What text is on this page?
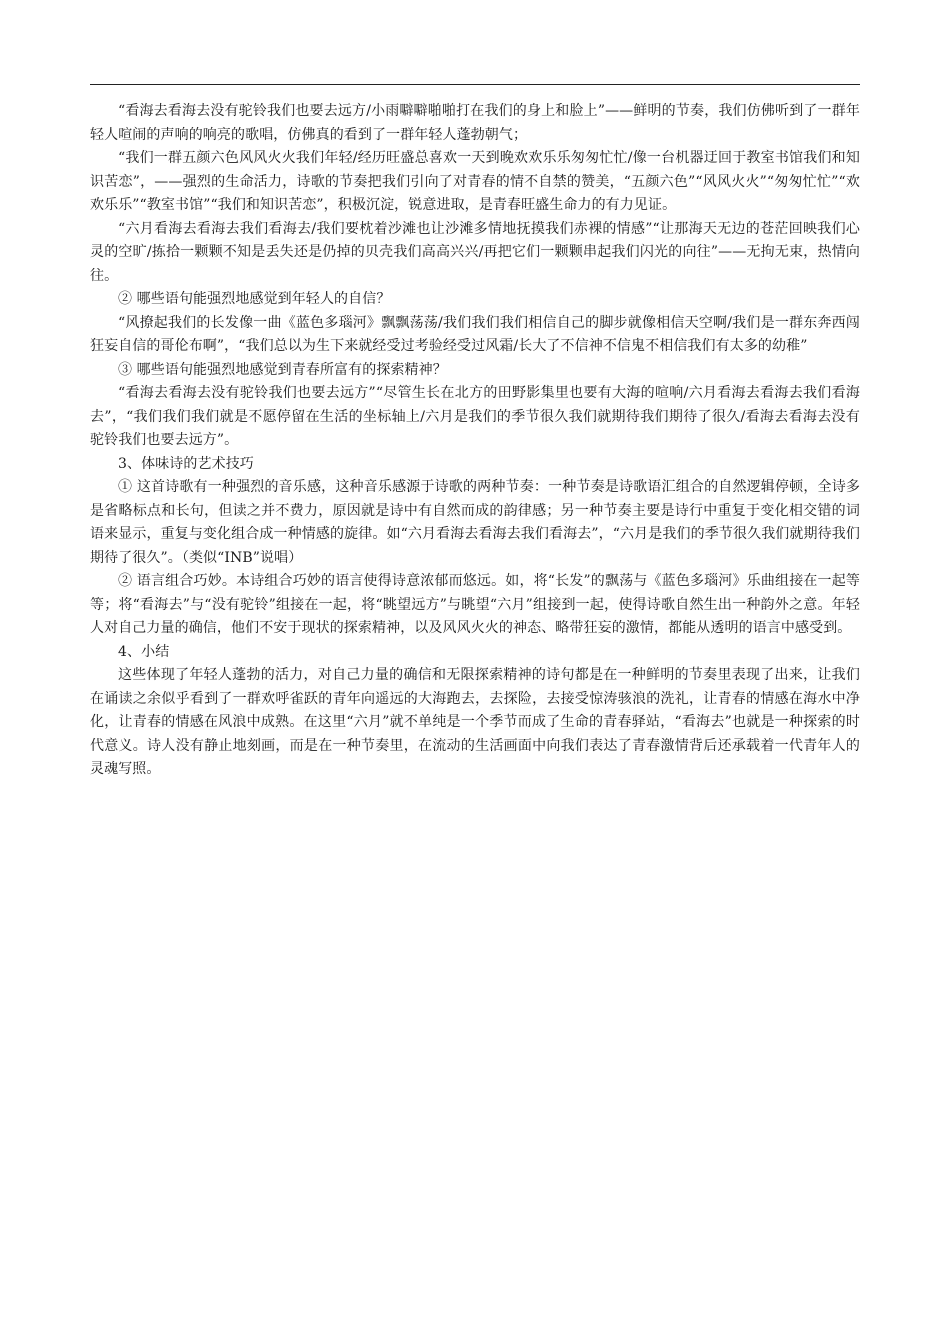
“看海去看海去没有驼铃我们也要去远方/小雨噼噼啪啪打在我们的身上和脸上”——鲜明的节奏，我们仿佛听到了一群年轻人喧闹的声响的响亮的歌唱，仿佛真的看到了一群年轻人蓬勃朝气；

“我们一群五颜六色风风火火我们年轻/经历旺盛总喜欢一天到晚欢欢乐乐匆匆忙忙/像一台机器迂回于教室书馆我们和知识苦恋”，——强烈的生命活力，诗歌的节奏把我们引向了对青春的情不自禁的赞美，“五颜六色”“风风火火”“匆匆忙忙”“欢欢乐乐”“教室书馆”“我们和知识苦恋”，积极沉淀，锐意进取，是青春旺盛生命力的有力见证。

“六月看海去看海去我们看海去/我们要枕着沙滩也让沙滩多情地抚摸我们赤裸的情感”“让那海天无边的苍茫回映我们心灵的空旷/拣拾一颗颗不知是丢失还是仍掉的贝壳我们高高兴兴/再把它们一颗颗串起我们闪光的向往”——无拘无束，热情向往。

② 哪些语句能强烈地感觉到年轻人的自信？

“风撩起我们的长发像一曲《蓝色多瑙河》飘飘荡荡/我们我们我们相信自己的脚步就像相信天空啊/我们是一群东奔西闯狂妄自信的哥伦布啊”，“我们总以为生下来就经受过考验经受过风霜/长大了不信神不信鬼不相信我们有太多的幼稚”

③ 哪些语句能强烈地感觉到青春所富有的探索精神？

“看海去看海去没有驼铃我们也要去远方”“尽管生长在北方的田野影集里也要有大海的喧响/六月看海去看海去我们看海去”，“我们我们我们就是不愿停留在生活的坐标轴上/六月是我们的季节很久我们就期待我们期待了很久/看海去看海去没有驼铃我们也要去远方”。

3、体味诗的艺术技巧

① 这首诗歌有一种强烈的音乐感，这种音乐感源于诗歌的两种节奏：一种节奏是诗歌语汇组合的自然逻辑停顿，全诗多是省略标点和长句，但读之并不费力，原因就是诗中有自然而成的韵律感；另一种节奏主要是诗行中重复于变化相交错的词语来显示，重复与变化组合成一种情感的旋律。如“六月看海去看海去我们看海去”，“六月是我们的季节很久我们就期待我们期待了很久”。（类似“INB”说唱）

② 语言组合巧妙。本诗组合巧妙的语言使得诗意浓郁而悠远。如，将“长发”的飘荡与《蓝色多瑙河》乐曲组接在一起等等；将“看海去”与“没有驼铃”组接在一起，将“眺望远方”与眺望“六月”组接到一起，使得诗歌自然生出一种韵外之意。年轻人对自己力量的确信，他们不安于现状的探索精神，以及风风火火的神态、略带狂妄的激情，都能从透明的语言中感受到。

4、小结

这些体现了年轻人蓬勃的活力，对自己力量的确信和无限探索精神的诗句都是在一种鲜明的节奏里表现了出来，让我们在诵读之余似乎看到了一群欢呼雀跃的青年向遥远的大海跑去，去探险，去接受惊涛骇浪的洗礼，让青春的情感在海水中净化，让青春的情感在风浪中成熟。在这里“六月”就不单纯是一个季节而成了生命的青春驿站，“看海去”也就是一种探索的时代意义。诗人没有静止地刻画，而是在一种节奏里，在流动的生活画面中向我们表达了青春激情背后还承载着一代青年人的灵魂写照。
